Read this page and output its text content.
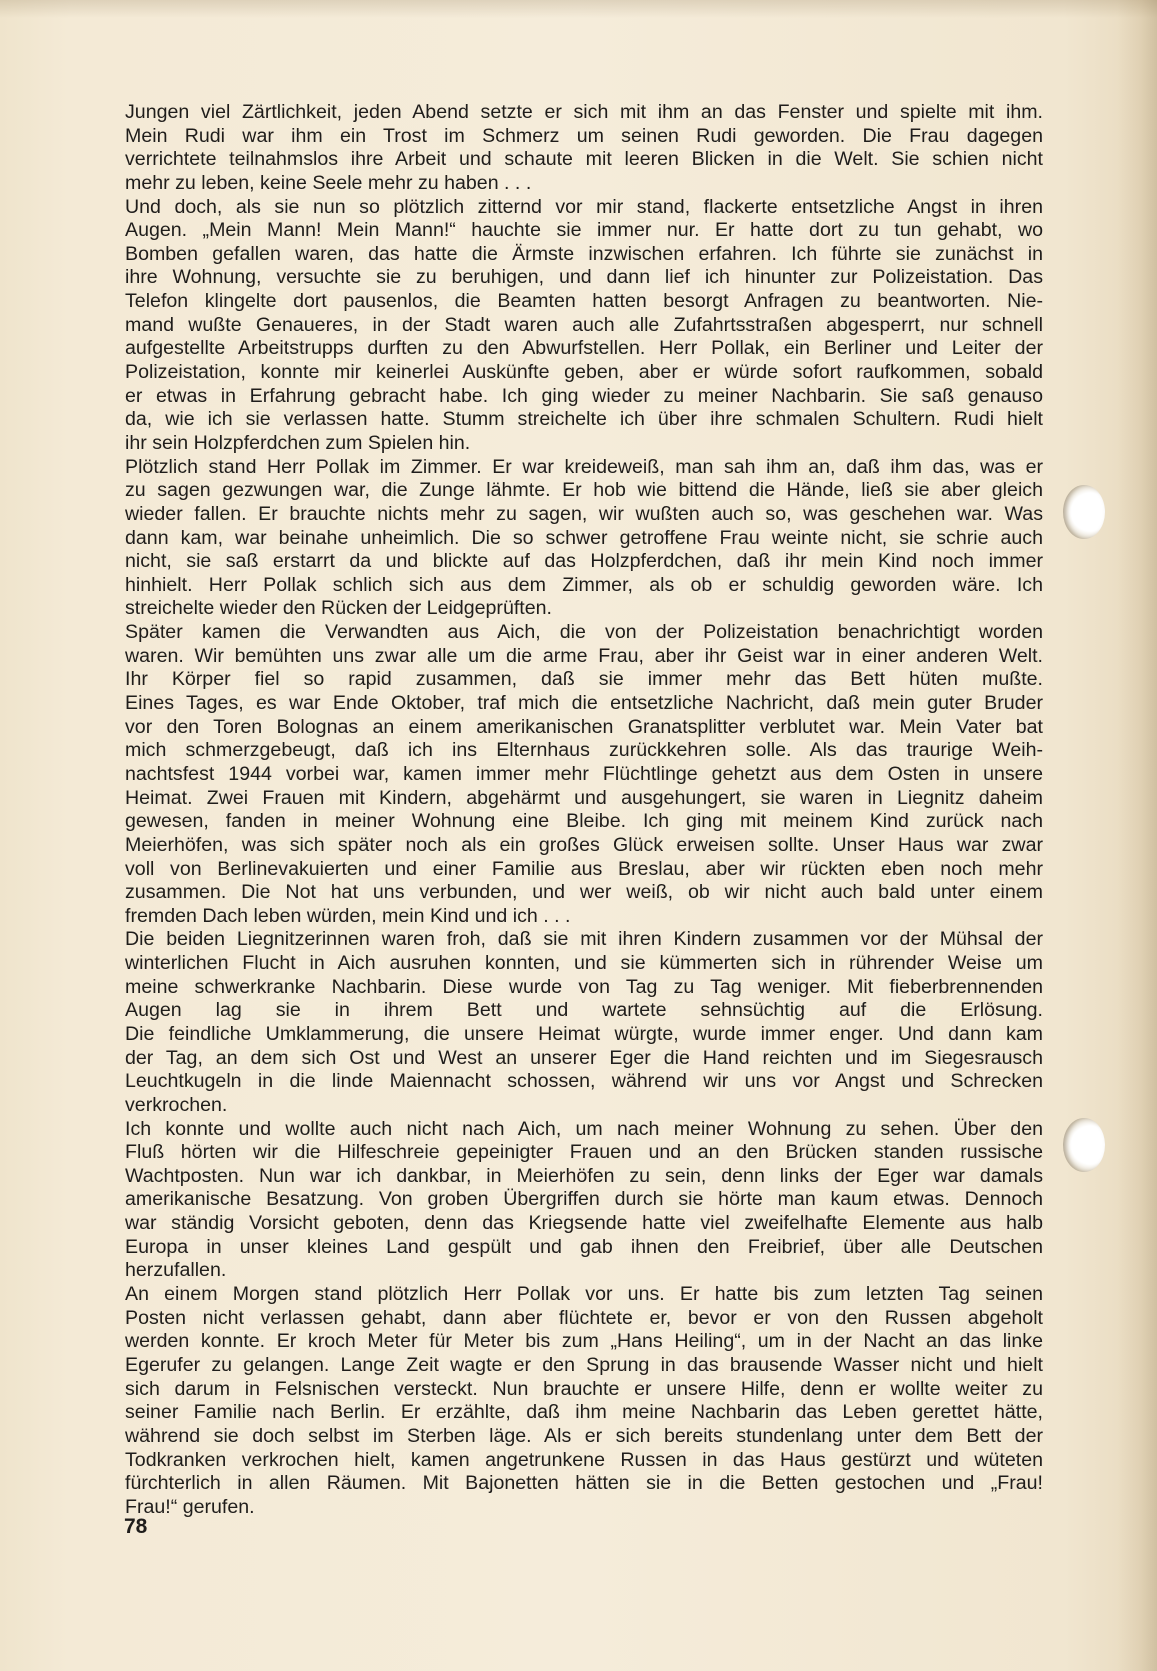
Jungen viel Zärtlichkeit, jeden Abend setzte er sich mit ihm an das Fenster und spielte mit ihm.
Mein Rudi war ihm ein Trost im Schmerz um seinen Rudi geworden. Die Frau dagegen
verrichtete teilnahmslos ihre Arbeit und schaute mit leeren Blicken in die Welt. Sie schien nicht
mehr zu leben, keine Seele mehr zu haben . . .
Und doch, als sie nun so plötzlich zitternd vor mir stand, flackerte entsetzliche Angst in ihren
Augen. „Mein Mann! Mein Mann!“ hauchte sie immer nur. Er hatte dort zu tun gehabt, wo
Bomben gefallen waren, das hatte die Ärmste inzwischen erfahren. Ich führte sie zunächst in
ihre Wohnung, versuchte sie zu beruhigen, und dann lief ich hinunter zur Polizeistation. Das
Telefon klingelte dort pausenlos, die Beamten hatten besorgt Anfragen zu beantworten. Nie-
mand wußte Genaueres, in der Stadt waren auch alle Zufahrtsstraßen abgesperrt, nur schnell
aufgestellte Arbeitstrupps durften zu den Abwurfstellen. Herr Pollak, ein Berliner und Leiter der
Polizeistation, konnte mir keinerlei Auskünfte geben, aber er würde sofort raufkommen, sobald
er etwas in Erfahrung gebracht habe. Ich ging wieder zu meiner Nachbarin. Sie saß genauso
da, wie ich sie verlassen hatte. Stumm streichelte ich über ihre schmalen Schultern. Rudi hielt
ihr sein Holzpferdchen zum Spielen hin.
Plötzlich stand Herr Pollak im Zimmer. Er war kreideweiß, man sah ihm an, daß ihm das, was er
zu sagen gezwungen war, die Zunge lähmte. Er hob wie bittend die Hände, ließ sie aber gleich
wieder fallen. Er brauchte nichts mehr zu sagen, wir wußten auch so, was geschehen war. Was
dann kam, war beinahe unheimlich. Die so schwer getroffene Frau weinte nicht, sie schrie auch
nicht, sie saß erstarrt da und blickte auf das Holzpferdchen, daß ihr mein Kind noch immer
hinhielt. Herr Pollak schlich sich aus dem Zimmer, als ob er schuldig geworden wäre. Ich
streichelte wieder den Rücken der Leidgeprüften.
Später kamen die Verwandten aus Aich, die von der Polizeistation benachrichtigt worden
waren. Wir bemühten uns zwar alle um die arme Frau, aber ihr Geist war in einer anderen Welt.
Ihr Körper fiel so rapid zusammen, daß sie immer mehr das Bett hüten mußte.
Eines Tages, es war Ende Oktober, traf mich die entsetzliche Nachricht, daß mein guter Bruder
vor den Toren Bolognas an einem amerikanischen Granatsplitter verblutet war. Mein Vater bat
mich schmerzgebeugt, daß ich ins Elternhaus zurückkehren solle. Als das traurige Weih-
nachtsfest 1944 vorbei war, kamen immer mehr Flüchtlinge gehetzt aus dem Osten in unsere
Heimat. Zwei Frauen mit Kindern, abgehärmt und ausgehungert, sie waren in Liegnitz daheim
gewesen, fanden in meiner Wohnung eine Bleibe. Ich ging mit meinem Kind zurück nach
Meierhöfen, was sich später noch als ein großes Glück erweisen sollte. Unser Haus war zwar
voll von Berlinevakuierten und einer Familie aus Breslau, aber wir rückten eben noch mehr
zusammen. Die Not hat uns verbunden, und wer weiß, ob wir nicht auch bald unter einem
fremden Dach leben würden, mein Kind und ich . . .
Die beiden Liegnitzerinnen waren froh, daß sie mit ihren Kindern zusammen vor der Mühsal der
winterlichen Flucht in Aich ausruhen konnten, und sie kümmerten sich in rührender Weise um
meine schwerkranke Nachbarin. Diese wurde von Tag zu Tag weniger. Mit fieberbrennenden
Augen lag sie in ihrem Bett und wartete sehnsüchtig auf die Erlösung.
Die feindliche Umklammerung, die unsere Heimat würgte, wurde immer enger. Und dann kam
der Tag, an dem sich Ost und West an unserer Eger die Hand reichten und im Siegesrausch
Leuchtkugeln in die linde Maiennacht schossen, während wir uns vor Angst und Schrecken
verkrochen.
Ich konnte und wollte auch nicht nach Aich, um nach meiner Wohnung zu sehen. Über den
Fluß hörten wir die Hilfeschreie gepeinigter Frauen und an den Brücken standen russische
Wachtposten. Nun war ich dankbar, in Meierhöfen zu sein, denn links der Eger war damals
amerikanische Besatzung. Von groben Übergriffen durch sie hörte man kaum etwas. Dennoch
war ständig Vorsicht geboten, denn das Kriegsende hatte viel zweifelhafte Elemente aus halb
Europa in unser kleines Land gespült und gab ihnen den Freibrief, über alle Deutschen
herzufallen.
An einem Morgen stand plötzlich Herr Pollak vor uns. Er hatte bis zum letzten Tag seinen
Posten nicht verlassen gehabt, dann aber flüchtete er, bevor er von den Russen abgeholt
werden konnte. Er kroch Meter für Meter bis zum „Hans Heiling“, um in der Nacht an das linke
Egerufer zu gelangen. Lange Zeit wagte er den Sprung in das brausende Wasser nicht und hielt
sich darum in Felsnischen versteckt. Nun brauchte er unsere Hilfe, denn er wollte weiter zu
seiner Familie nach Berlin. Er erzählte, daß ihm meine Nachbarin das Leben gerettet hätte,
während sie doch selbst im Sterben läge. Als er sich bereits stundenlang unter dem Bett der
Todkranken verkrochen hielt, kamen angetrunkene Russen in das Haus gestürzt und wüteten
fürchterlich in allen Räumen. Mit Bajonetten hätten sie in die Betten gestochen und „Frau!
Frau!“ gerufen.
78
